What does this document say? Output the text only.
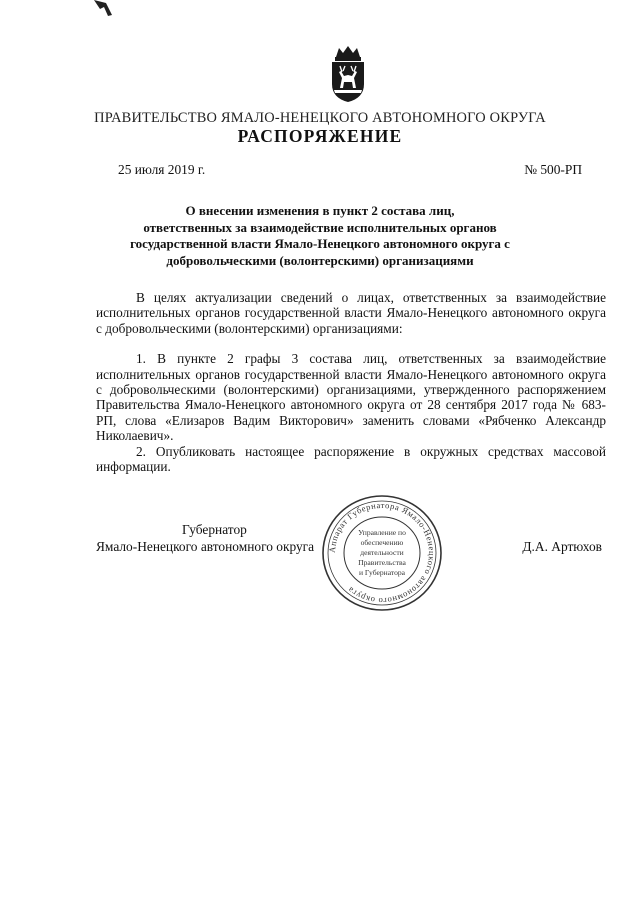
ПРАВИТЕЛЬСТВО ЯМАЛО-НЕНЕЦКОГО АВТОНОМНОГО ОКРУГА
РАСПОРЯЖЕНИЕ
25 июля 2019 г.	№ 500-РП
О внесении изменения в пункт 2 состава лиц,
ответственных за взаимодействие исполнительных органов
государственной власти Ямало-Ненецкого автономного округа с
добровольческими (волонтерскими) организациями

В целях актуализации сведений о лицах, ответственных за взаимодействие исполнительных органов государственной власти Ямало-Ненецкого автономного округа с добровольческими (волонтерскими) организациями:

1. В пункте 2 графы 3 состава лиц, ответственных за взаимодействие исполнительных органов государственной власти Ямало-Ненецкого автономного округа с добровольческими (волонтерскими) организациями, утвержденного распоряжением Правительства Ямало-Ненецкого автономного округа от 28 сентября 2017 года № 683-РП, слова «Елизаров Вадим Викторович» заменить словами «Рябченко Александр Николаевич».

2. Опубликовать настоящее распоряжение в окружных средствах массовой информации.

Губернатор
Ямало-Ненецкого автономного округа	Д.А. Артюхов
Аппарат Губернатора Ямало-Ненецкого автономного округа
Управление по
обеспечению
деятельности
Правительства
и Губернатора
